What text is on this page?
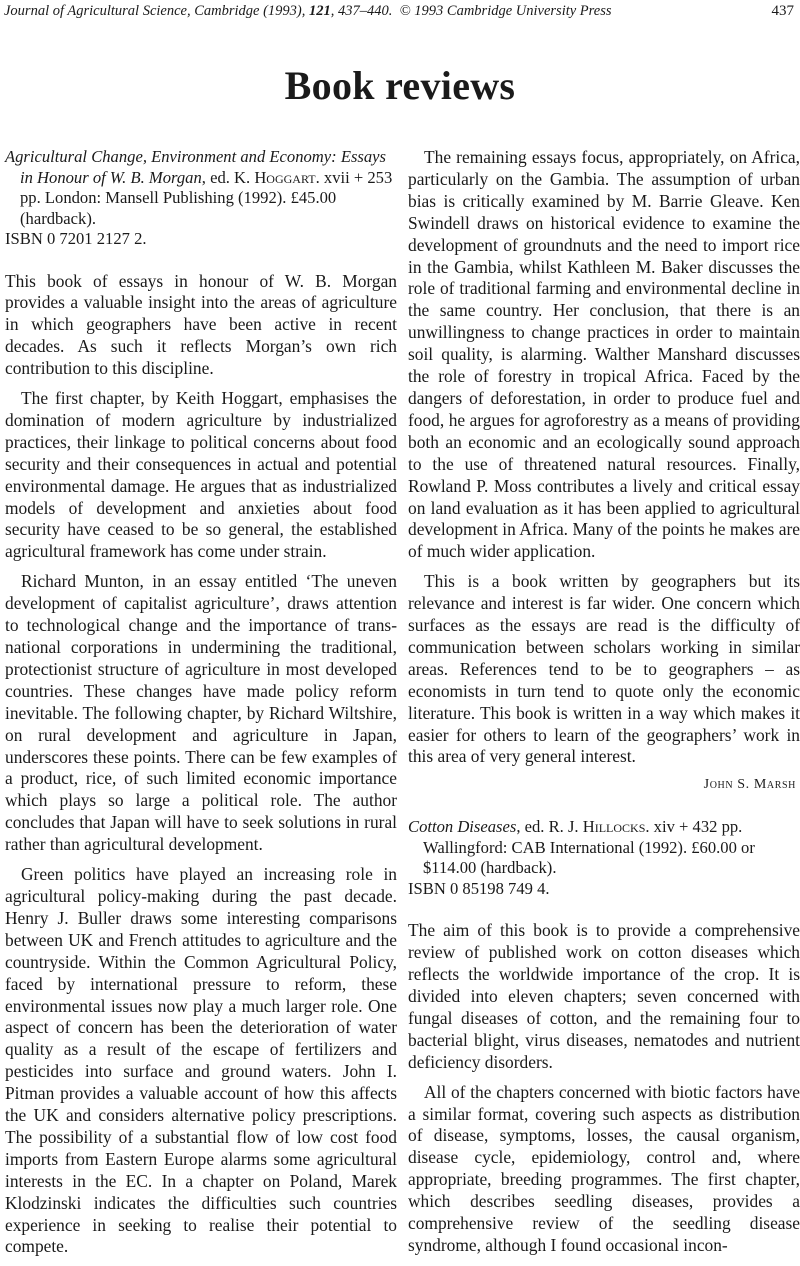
Journal of Agricultural Science, Cambridge (1993), 121, 437–440. © 1993 Cambridge University Press	437
Book reviews

Agricultural Change, Environment and Economy: Essays in Honour of W. B. Morgan, ed. K. Hoggart. xvii + 253 pp. London: Mansell Publishing (1992). £45.00 (hardback).
ISBN 0 7201 2127 2.

This book of essays in honour of W. B. Morgan provides a valuable insight into the areas of agriculture in which geographers have been active in recent decades. As such it reflects Morgan’s own rich contribution to this discipline.

The first chapter, by Keith Hoggart, emphasises the domination of modern agriculture by industrialized practices, their linkage to political concerns about food security and their consequences in actual and potential environmental damage. He argues that as industrialized models of development and anxieties about food security have ceased to be so general, the established agricultural framework has come under strain.

Richard Munton, in an essay entitled ‘The uneven development of capitalist agriculture’, draws attention to technological change and the importance of trans-national corporations in undermining the traditional, protectionist structure of agriculture in most developed countries. These changes have made policy reform inevitable. The following chapter, by Richard Wiltshire, on rural development and agriculture in Japan, underscores these points. There can be few examples of a product, rice, of such limited economic importance which plays so large a political role. The author concludes that Japan will have to seek solutions in rural rather than agricultural development.

Green politics have played an increasing role in agricultural policy-making during the past decade. Henry J. Buller draws some interesting comparisons between UK and French attitudes to agriculture and the countryside. Within the Common Agricultural Policy, faced by international pressure to reform, these environmental issues now play a much larger role. One aspect of concern has been the deterioration of water quality as a result of the escape of fertilizers and pesticides into surface and ground waters. John I. Pitman provides a valuable account of how this affects the UK and considers alternative policy prescriptions. The possibility of a substantial flow of low cost food imports from Eastern Europe alarms some agricultural interests in the EC. In a chapter on Poland, Marek Klodzinski indicates the difficulties such countries experience in seeking to realise their potential to compete.

The remaining essays focus, appropriately, on Africa, particularly on the Gambia. The assumption of urban bias is critically examined by M. Barrie Gleave. Ken Swindell draws on historical evidence to examine the development of groundnuts and the need to import rice in the Gambia, whilst Kathleen M. Baker discusses the role of traditional farming and environmental decline in the same country. Her conclusion, that there is an unwillingness to change practices in order to maintain soil quality, is alarming. Walther Manshard discusses the role of forestry in tropical Africa. Faced by the dangers of deforestation, in order to produce fuel and food, he argues for agroforestry as a means of providing both an economic and an ecologically sound approach to the use of threatened natural resources. Finally, Rowland P. Moss contributes a lively and critical essay on land evaluation as it has been applied to agricultural development in Africa. Many of the points he makes are of much wider application.

This is a book written by geographers but its relevance and interest is far wider. One concern which surfaces as the essays are read is the difficulty of communication between scholars working in similar areas. References tend to be to geographers – as economists in turn tend to quote only the economic literature. This book is written in a way which makes it easier for others to learn of the geographers’ work in this area of very general interest.

John S. Marsh

Cotton Diseases, ed. R. J. Hillocks. xiv + 432 pp. Wallingford: CAB International (1992). £60.00 or $114.00 (hardback).
ISBN 0 85198 749 4.

The aim of this book is to provide a comprehensive review of published work on cotton diseases which reflects the worldwide importance of the crop. It is divided into eleven chapters; seven concerned with fungal diseases of cotton, and the remaining four to bacterial blight, virus diseases, nematodes and nutrient deficiency disorders.

All of the chapters concerned with biotic factors have a similar format, covering such aspects as distribution of disease, symptoms, losses, the causal organism, disease cycle, epidemiology, control and, where appropriate, breeding programmes. The first chapter, which describes seedling diseases, provides a comprehensive review of the seedling disease syndrome, although I found occasional incon-
